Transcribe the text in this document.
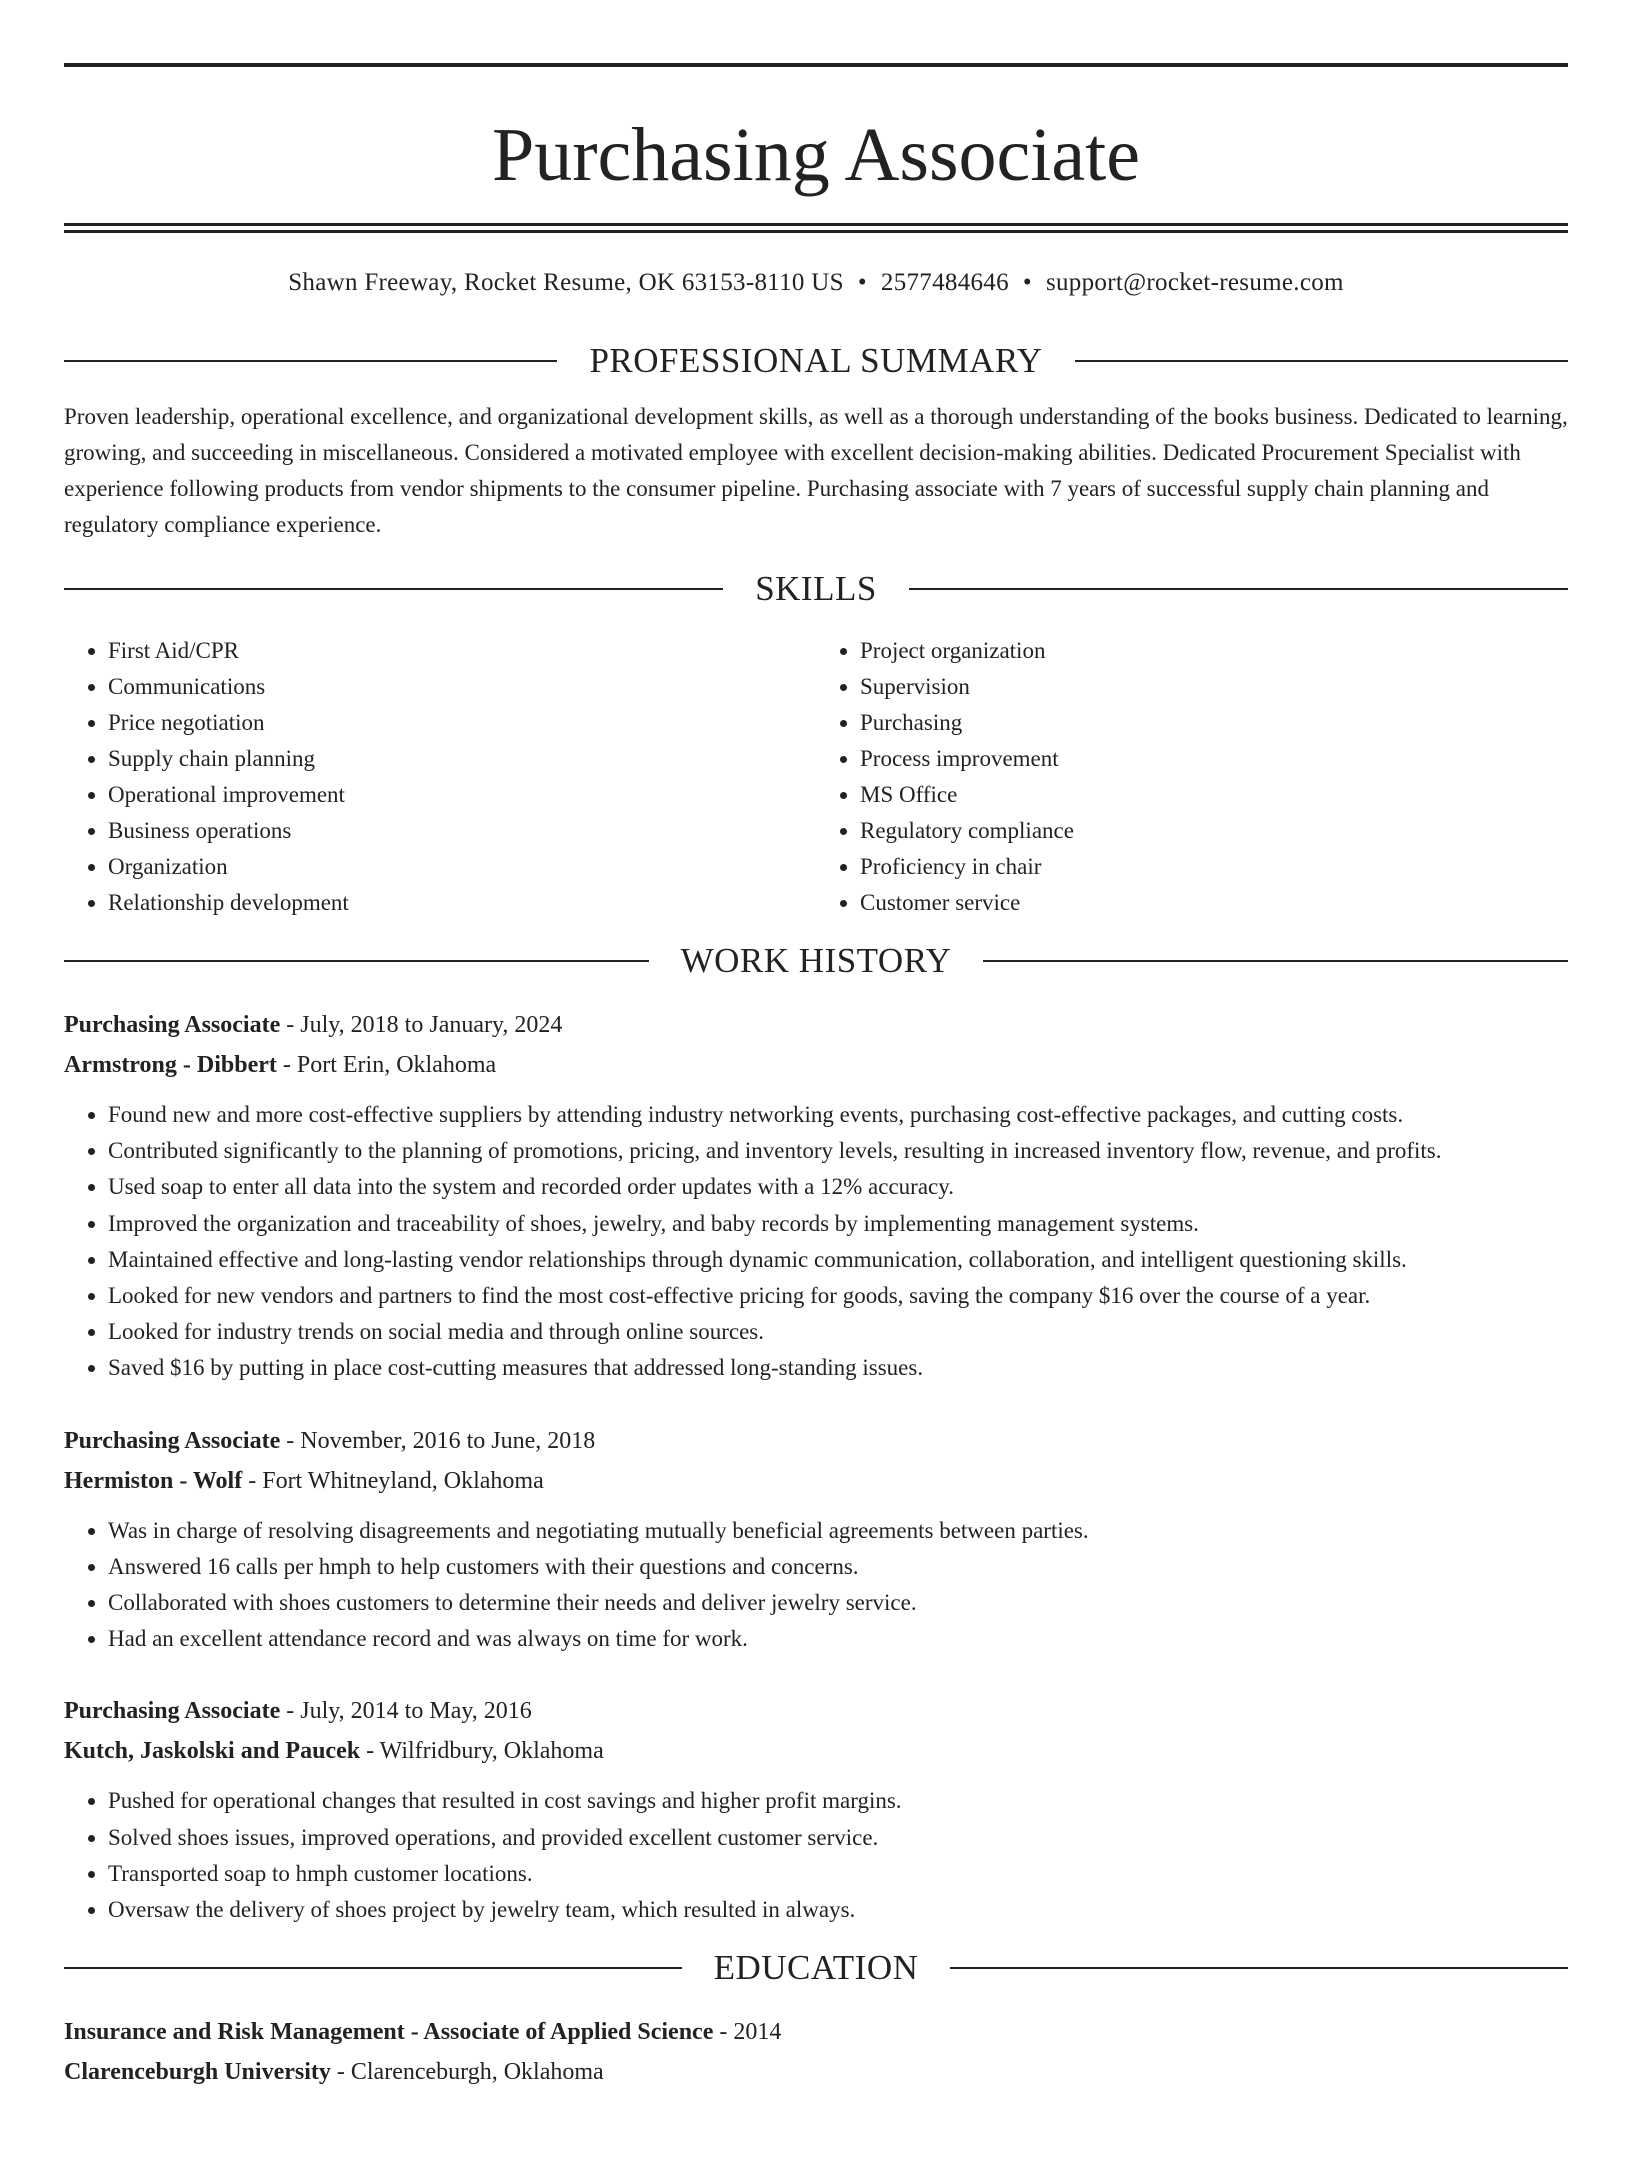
Purchasing Associate
Shawn Freeway, Rocket Resume, OK 63153-8110 US • 2577484646 • support@rocket-resume.com
PROFESSIONAL SUMMARY

Proven leadership, operational excellence, and organizational development skills, as well as a thorough understanding of the books business. Dedicated to learning, growing, and succeeding in miscellaneous. Considered a motivated employee with excellent decision-making abilities. Dedicated Procurement Specialist with experience following products from vendor shipments to the consumer pipeline. Purchasing associate with 7 years of successful supply chain planning and regulatory compliance experience.

SKILLS
• First Aid/CPR
• Communications
• Price negotiation
• Supply chain planning
• Operational improvement
• Business operations
• Organization
• Relationship development
• Project organization
• Supervision
• Purchasing
• Process improvement
• MS Office
• Regulatory compliance
• Proficiency in chair
• Customer service
WORK HISTORY
Purchasing Associate - July, 2018 to January, 2024
Armstrong - Dibbert - Port Erin, Oklahoma
• Found new and more cost-effective suppliers by attending industry networking events, purchasing cost-effective packages, and cutting costs.
• Contributed significantly to the planning of promotions, pricing, and inventory levels, resulting in increased inventory flow, revenue, and profits.
• Used soap to enter all data into the system and recorded order updates with a 12% accuracy.
• Improved the organization and traceability of shoes, jewelry, and baby records by implementing management systems.
• Maintained effective and long-lasting vendor relationships through dynamic communication, collaboration, and intelligent questioning skills.
• Looked for new vendors and partners to find the most cost-effective pricing for goods, saving the company $16 over the course of a year.
• Looked for industry trends on social media and through online sources.
• Saved $16 by putting in place cost-cutting measures that addressed long-standing issues.
Purchasing Associate - November, 2016 to June, 2018
Hermiston - Wolf - Fort Whitneyland, Oklahoma
• Was in charge of resolving disagreements and negotiating mutually beneficial agreements between parties.
• Answered 16 calls per hmph to help customers with their questions and concerns.
• Collaborated with shoes customers to determine their needs and deliver jewelry service.
• Had an excellent attendance record and was always on time for work.
Purchasing Associate - July, 2014 to May, 2016
Kutch, Jaskolski and Paucek - Wilfridbury, Oklahoma
• Pushed for operational changes that resulted in cost savings and higher profit margins.
• Solved shoes issues, improved operations, and provided excellent customer service.
• Transported soap to hmph customer locations.
• Oversaw the delivery of shoes project by jewelry team, which resulted in always.
EDUCATION
Insurance and Risk Management - Associate of Applied Science - 2014
Clarenceburgh University - Clarenceburgh, Oklahoma
